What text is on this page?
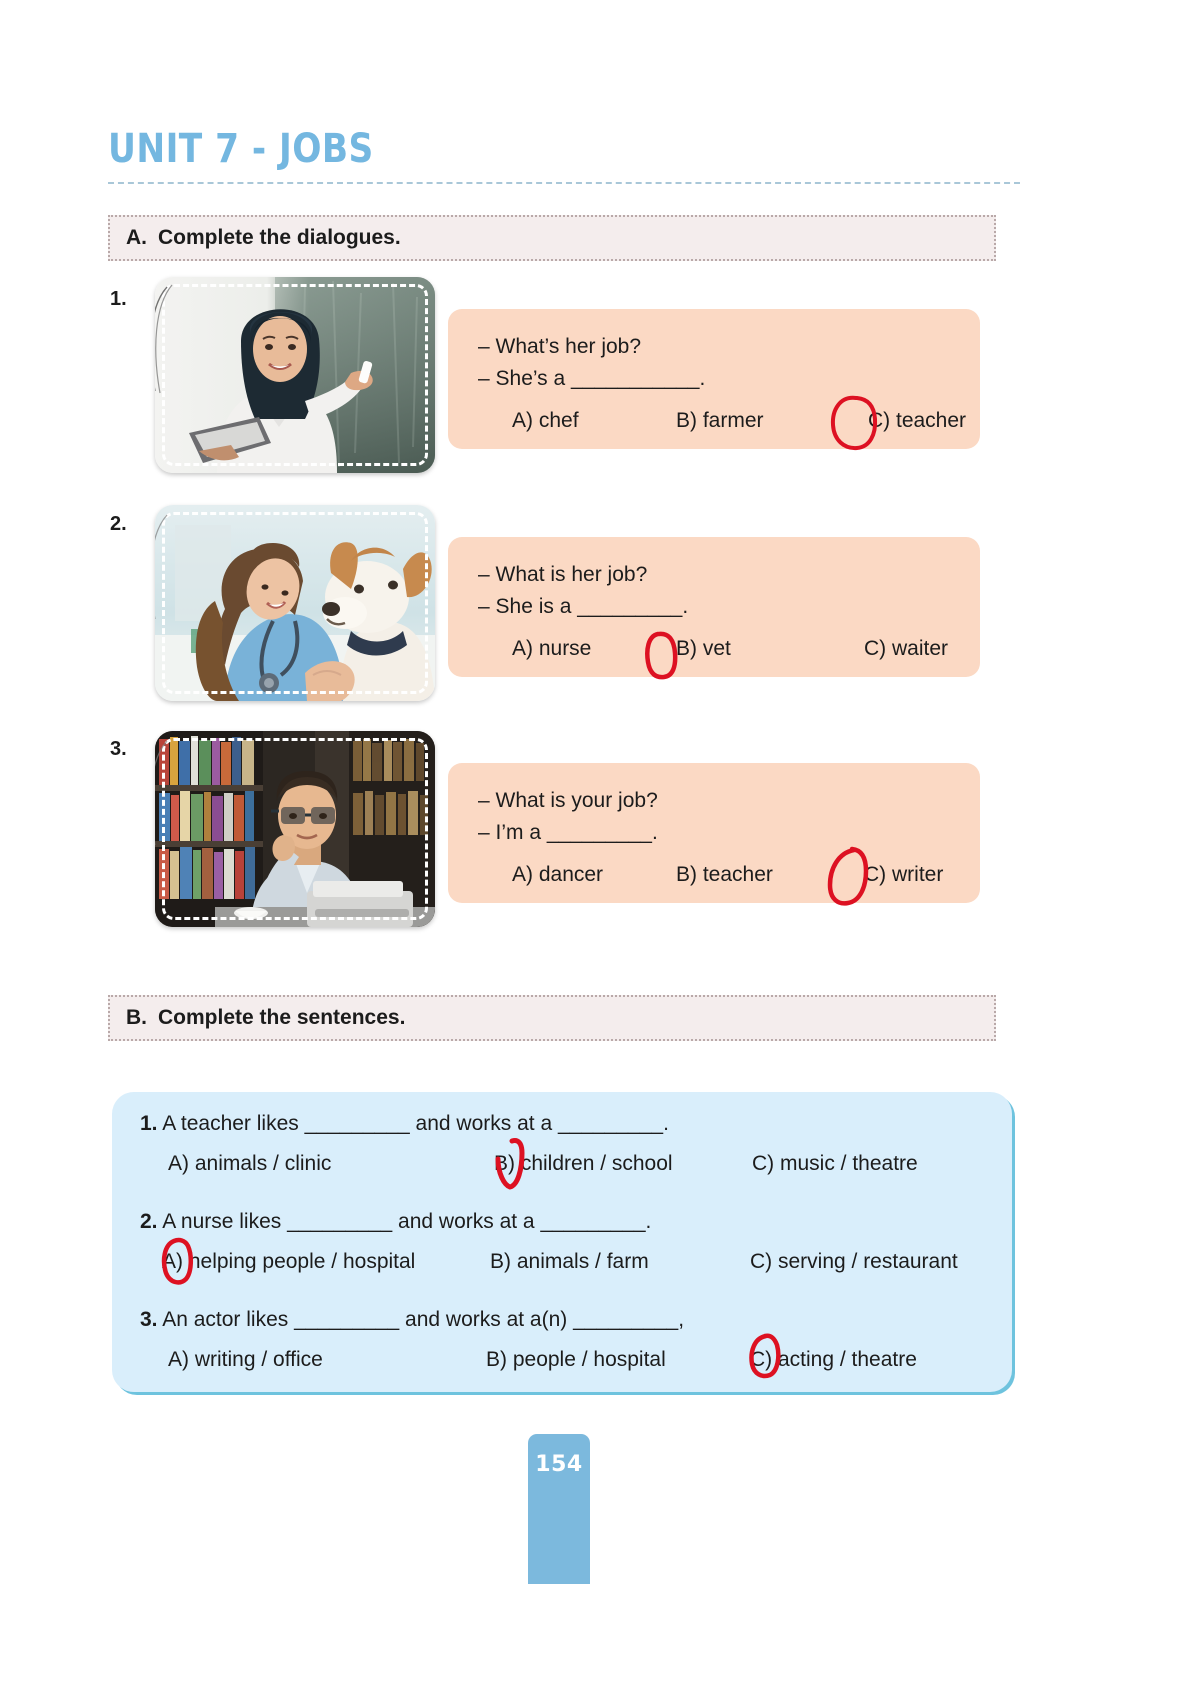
UNIT 7 - JOBS
A. Complete the dialogues.
1.
– What’s her job?
– She’s a ___________.
A) chef	B) farmer	C) teacher
2.
– What is her job?
– She is a _________.
A) nurse	B) vet	C) waiter
3.
– What is your job?
– I’m a _________.
A) dancer	B) teacher	C) writer
B. Complete the sentences.
1. A teacher likes _________ and works at a _________.
A) animals / clinic	B) children / school	C) music / theatre
2. A nurse likes _________ and works at a _________.
A) helping people / hospital	B) animals / farm	C) serving / restaurant
3. An actor likes _________ and works at a(n) _________,
A) writing / office	B) people / hospital	C) acting / theatre
154
